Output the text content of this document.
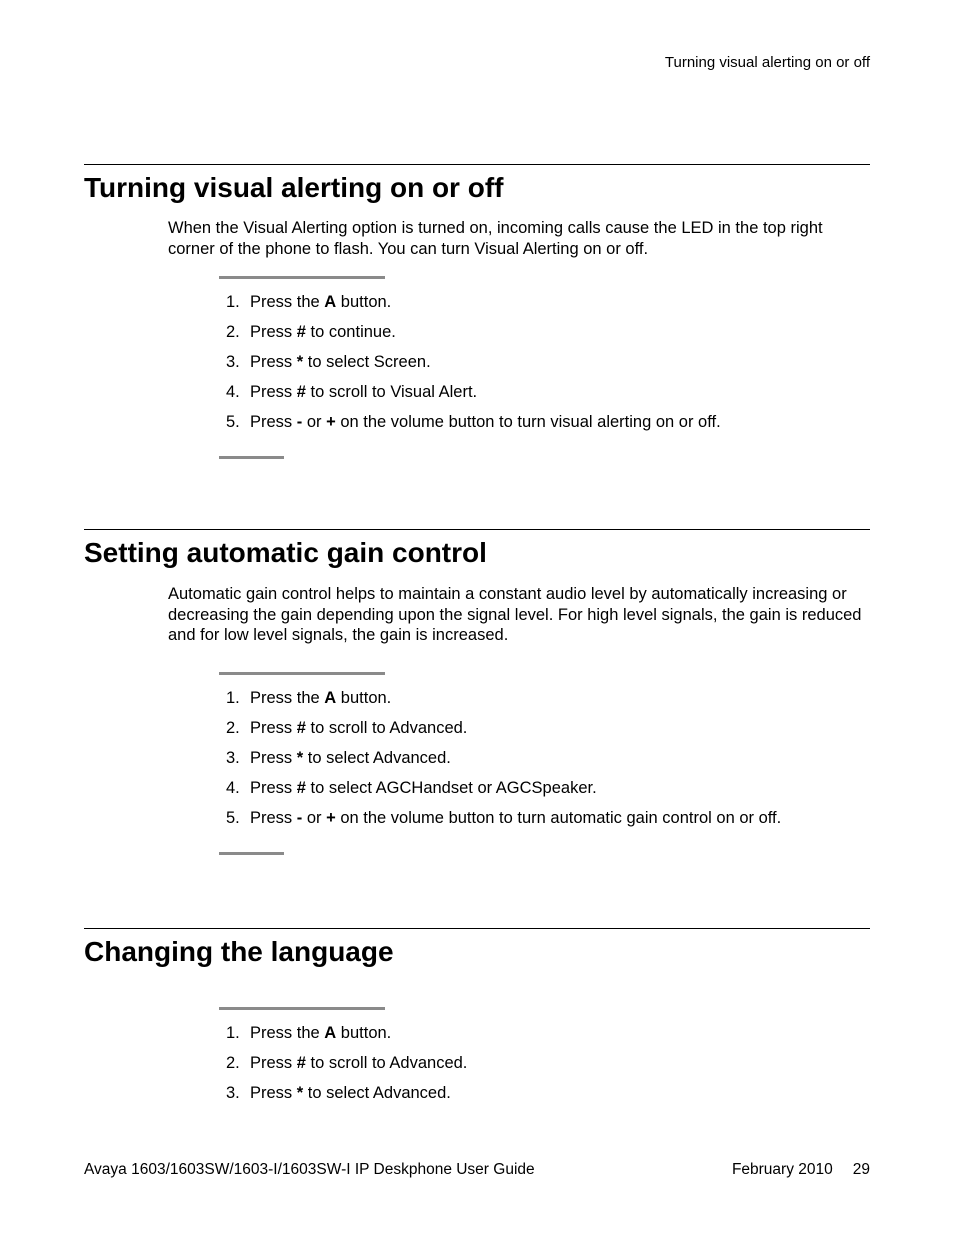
Turning visual alerting on or off
Turning visual alerting on or off
When the Visual Alerting option is turned on, incoming calls cause the LED in the top right corner of the phone to flash. You can turn Visual Alerting on or off.
1. Press the A button.
2. Press # to continue.
3. Press * to select Screen.
4. Press # to scroll to Visual Alert.
5. Press - or + on the volume button to turn visual alerting on or off.
Setting automatic gain control
Automatic gain control helps to maintain a constant audio level by automatically increasing or decreasing the gain depending upon the signal level. For high level signals, the gain is reduced and for low level signals, the gain is increased.
1. Press the A button.
2. Press # to scroll to Advanced.
3. Press * to select Advanced.
4. Press # to select AGCHandset or AGCSpeaker.
5. Press - or + on the volume button to turn automatic gain control on or off.
Changing the language
1. Press the A button.
2. Press # to scroll to Advanced.
3. Press * to select Advanced.
Avaya 1603/1603SW/1603-I/1603SW-I IP Deskphone User Guide	February 2010 29
